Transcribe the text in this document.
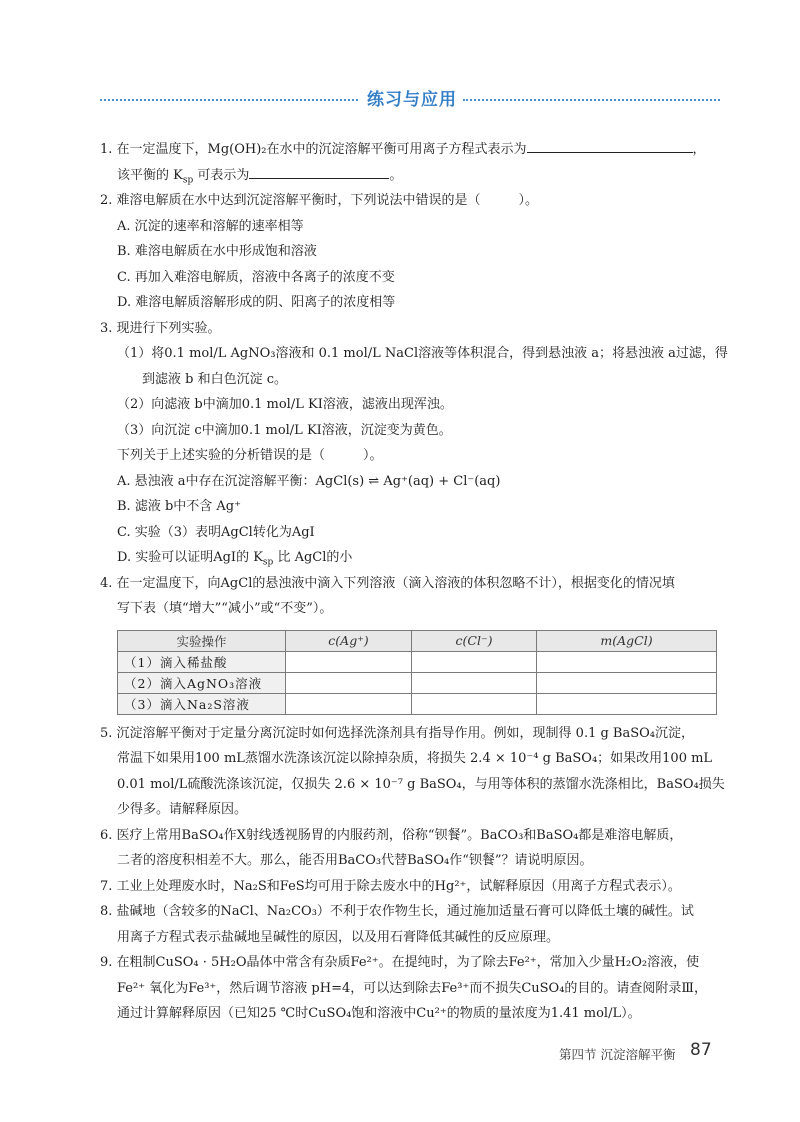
练习与应用
1. 在一定温度下，Mg(OH)₂在水中的沉淀溶解平衡可用离子方程式表示为	，
该平衡的 $K_{sp}$ 可表示为	。
2. 难溶电解质在水中达到沉淀溶解平衡时，下列说法中错误的是（	）。
A. 沉淀的速率和溶解的速率相等
B. 难溶电解质在水中形成饱和溶液
C. 再加入难溶电解质，溶液中各离子的浓度不变
D. 难溶电解质溶解形成的阴、阳离子的浓度相等
3. 现进行下列实验。
（1）将0.1 mol/L AgNO₃溶液和 0.1 mol/L NaCl溶液等体积混合，得到悬浊液 a；将悬浊液 a过滤，得
到滤液 b 和白色沉淀 c。
（2）向滤液 b中滴加0.1 mol/L KI溶液，滤液出现浑浊。
（3）向沉淀 c中滴加0.1 mol/L KI溶液，沉淀变为黄色。
下列关于上述实验的分析错误的是（	）。
A. 悬浊液 a中存在沉淀溶解平衡：AgCl(s) ⇌ Ag⁺(aq) + Cl⁻(aq)
B. 滤液 b中不含 Ag⁺
C. 实验（3）表明AgCl转化为AgI
D. 实验可以证明AgI的 $K_{sp}$ 比 AgCl的小
4. 在一定温度下，向AgCl的悬浊液中滴入下列溶液（滴入溶液的体积忽略不计），根据变化的情况填
写下表（填“增大”“减小”或“不变”）。
实验操作	c(Ag⁺)	c(Cl⁻)	m(AgCl)
（1）滴入稀盐酸			
（2）滴入AgNO₃溶液			
（3）滴入Na₂S溶液			
5. 沉淀溶解平衡对于定量分离沉淀时如何选择洗涤剂具有指导作用。例如，现制得 0.1 g BaSO₄沉淀，
常温下如果用100 mL蒸馏水洗涤该沉淀以除掉杂质，将损失 2.4 × 10⁻⁴ g BaSO₄；如果改用100 mL
0.01 mol/L硫酸洗涤该沉淀，仅损失 2.6 × 10⁻⁷ g BaSO₄，与用等体积的蒸馏水洗涤相比，BaSO₄损失
少得多。请解释原因。
6. 医疗上常用BaSO₄作X射线透视肠胃的内服药剂，俗称“钡餐”。BaCO₃和BaSO₄都是难溶电解质，
二者的溶度积相差不大。那么，能否用BaCO₃代替BaSO₄作“钡餐”？请说明原因。
7. 工业上处理废水时，Na₂S和FeS均可用于除去废水中的Hg²⁺，试解释原因（用离子方程式表示）。
8. 盐碱地（含较多的NaCl、Na₂CO₃）不利于农作物生长，通过施加适量石膏可以降低土壤的碱性。试
用离子方程式表示盐碱地呈碱性的原因，以及用石膏降低其碱性的反应原理。
9. 在粗制CuSO₄ · 5H₂O晶体中常含有杂质Fe²⁺。在提纯时，为了除去Fe²⁺，常加入少量H₂O₂溶液，使
Fe²⁺ 氧化为Fe³⁺，然后调节溶液 pH=4，可以达到除去Fe³⁺而不损失CuSO₄的目的。请查阅附录Ⅲ，
通过计算解释原因（已知25 ℃时CuSO₄饱和溶液中Cu²⁺的物质的量浓度为1.41 mol/L）。
第四节 沉淀溶解平衡 87
